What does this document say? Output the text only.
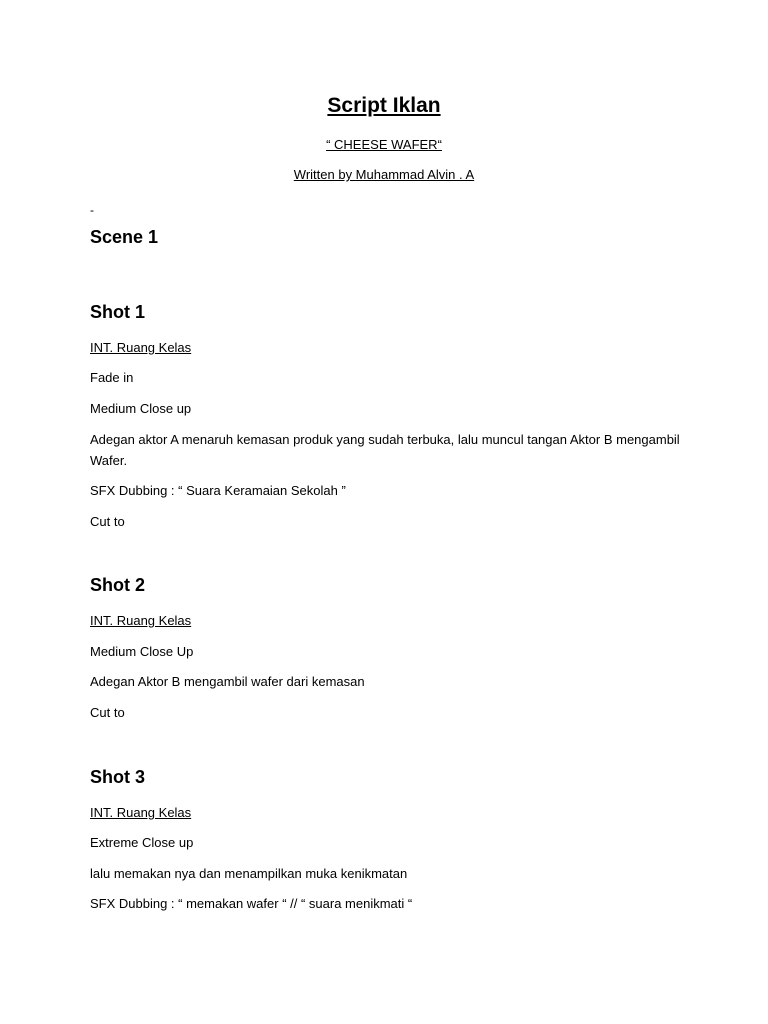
Script Iklan
“ CHEESE WAFER“
Written by Muhammad Alvin . A
-
Scene 1
Shot 1
INT. Ruang Kelas
Fade in
Medium Close up
Adegan aktor A menaruh kemasan produk yang sudah terbuka, lalu muncul tangan Aktor B mengambil Wafer.
SFX Dubbing : “ Suara Keramaian Sekolah ”
Cut to
Shot 2
INT. Ruang Kelas
Medium Close Up
Adegan Aktor B mengambil wafer dari kemasan
Cut to
Shot 3
INT. Ruang Kelas
Extreme Close up
lalu memakan nya dan menampilkan muka kenikmatan
SFX Dubbing : “ memakan wafer “ // “ suara menikmati “
